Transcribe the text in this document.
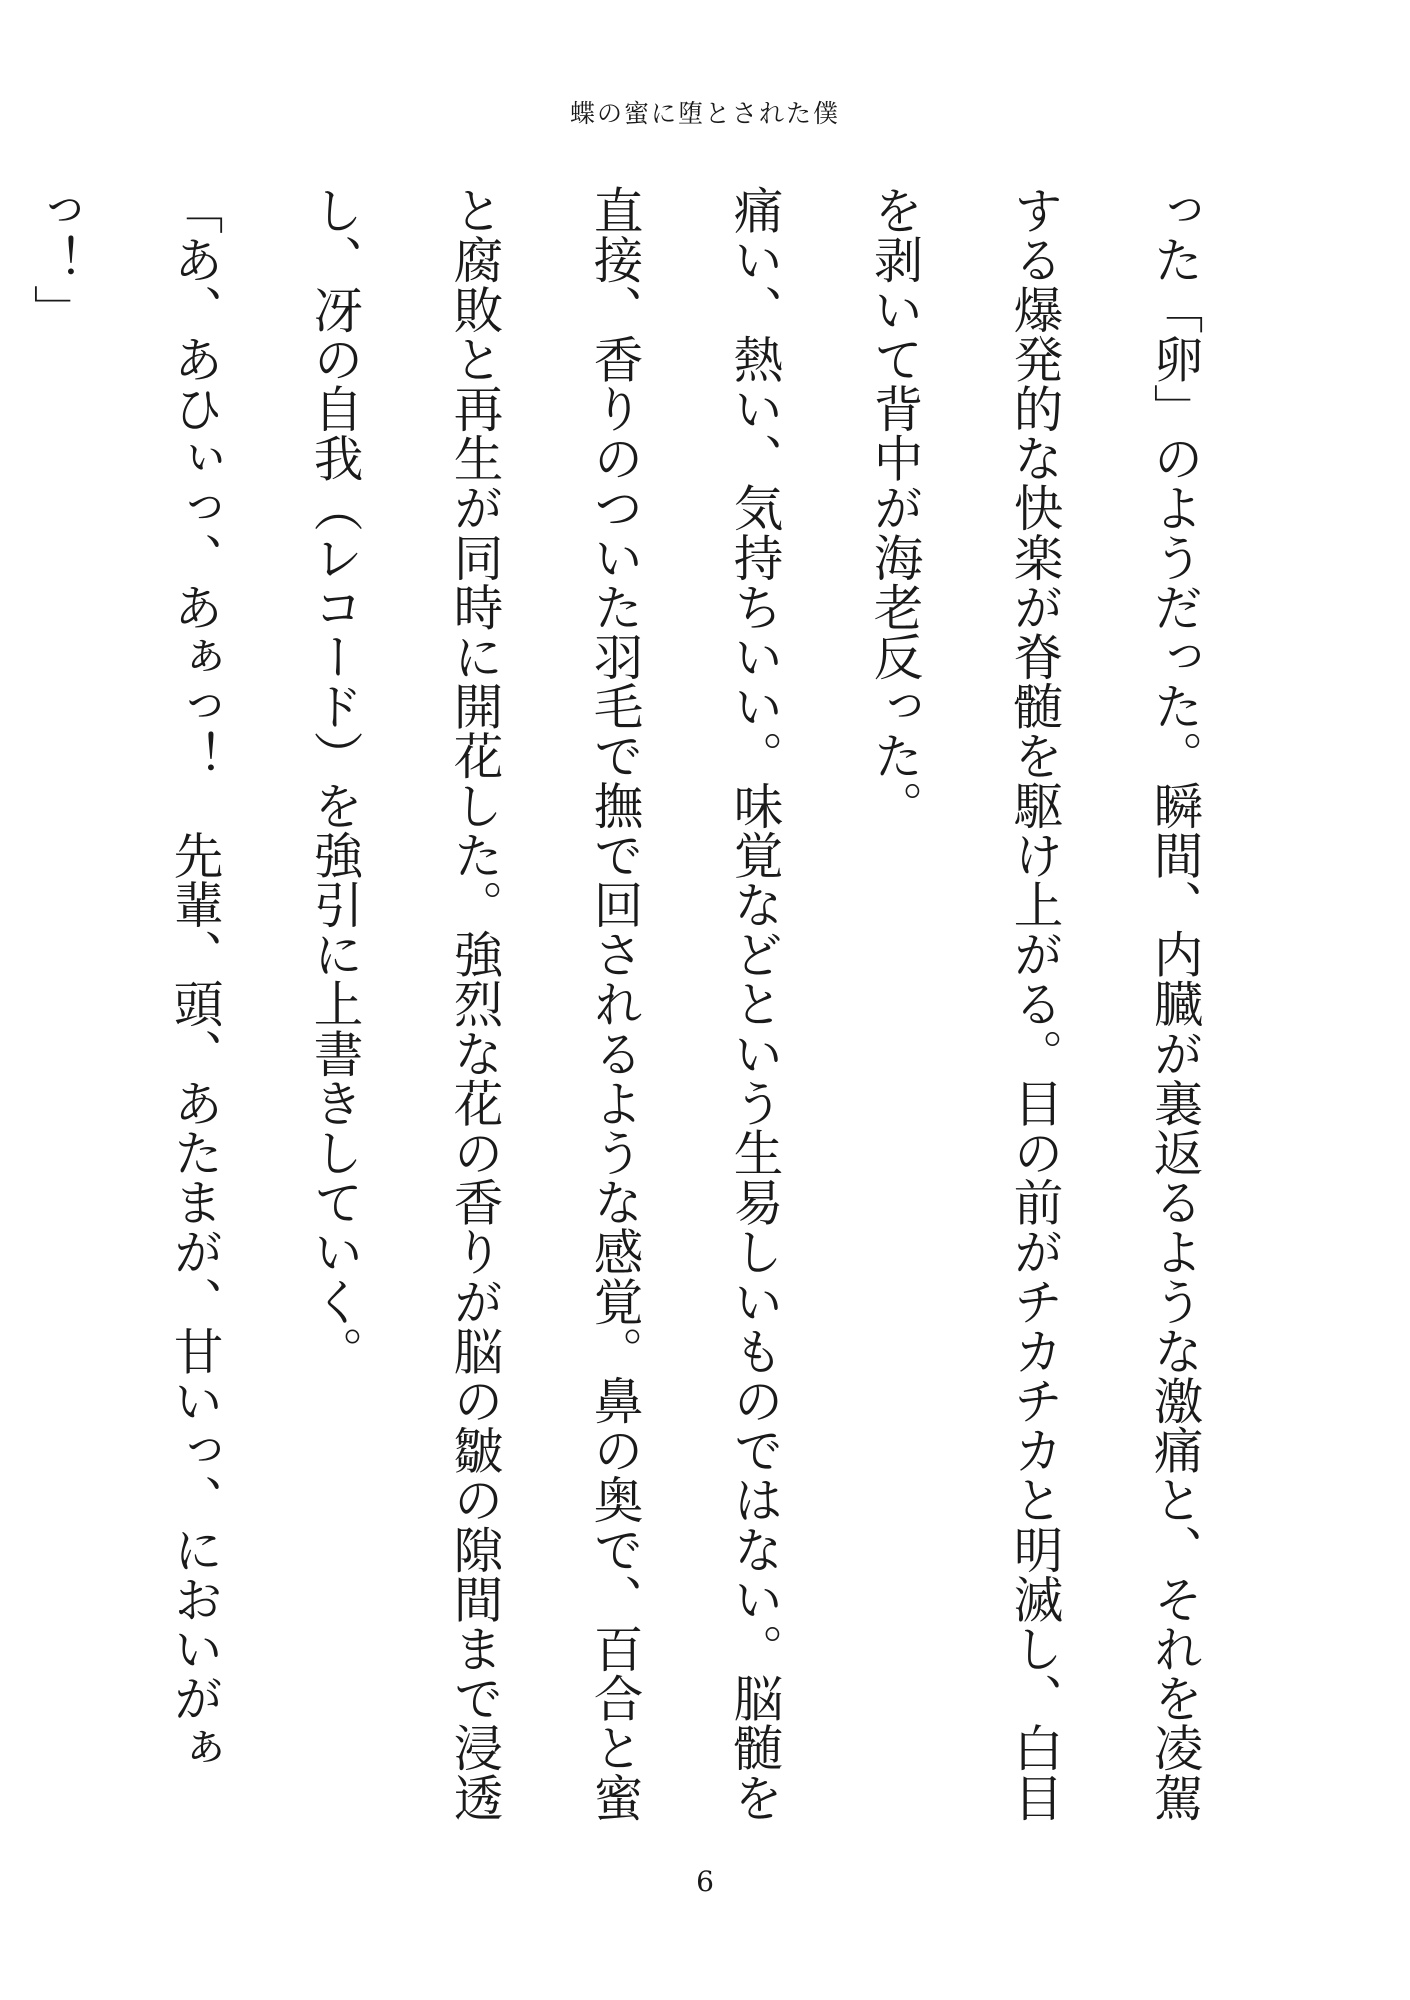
蝶の蜜に堕とされた僕

った「卵」のようだった。瞬間、内臓が裏返るような激痛と、それを凌駕する爆発的な快楽が脊髄を駆け上がる。目の前がチカチカと明滅し、白目を剥いて背中が海老反った。

痛い、熱い、気持ちいい。味覚などという生易しいものではない。脳髄を直接、香りのついた羽毛で撫で回されるような感覚。鼻の奥で、百合と蜜と腐敗と再生が同時に開花した。強烈な花の香りが脳の皺の隙間まで浸透し、冴の自我（レコード）を強引に上書きしていく。

「あ、あひぃっ、あぁっ！　先輩、頭、あたまが、甘いっ、においがぁっ！」

6
